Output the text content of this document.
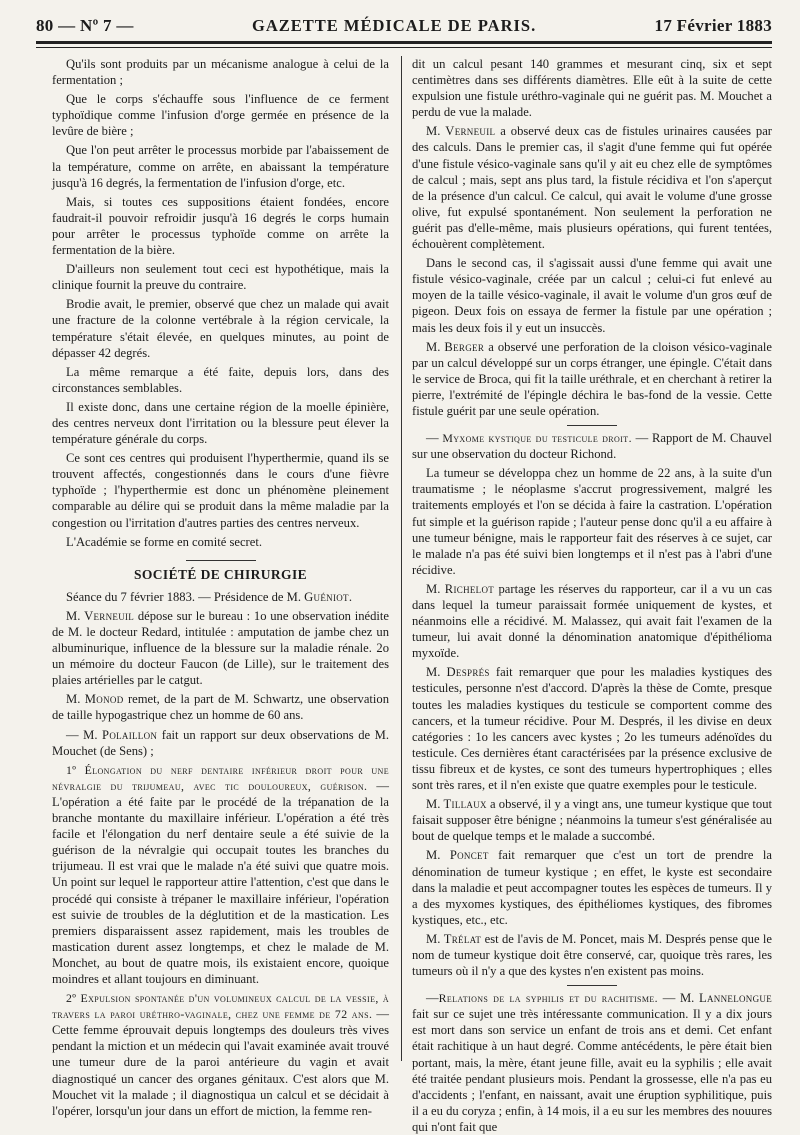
80 — Nº 7 —	GAZETTE MÉDICALE DE PARIS.	17 Février 1883

Qu'ils sont produits par un mécanisme analogue à celui de la fermentation ;

Que le corps s'échauffe sous l'influence de ce ferment typhoïdique comme l'infusion d'orge germée en présence de la levûre de bière ;

Que l'on peut arrêter le processus morbide par l'abaissement de la température, comme on arrête, en abaissant la température jusqu'à 16 degrés, la fermentation de l'infusion d'orge, etc.

Mais, si toutes ces suppositions étaient fondées, encore faudrait-il pouvoir refroidir jusqu'à 16 degrés le corps humain pour arrêter le processus typhoïde comme on arrête la fermentation de la bière.

D'ailleurs non seulement tout ceci est hypothétique, mais la clinique fournit la preuve du contraire.

Brodie avait, le premier, observé que chez un malade qui avait une fracture de la colonne vertébrale à la région cervicale, la température s'était élevée, en quelques minutes, au point de dépasser 42 degrés.

La même remarque a été faite, depuis lors, dans des circonstances semblables.

Il existe donc, dans une certaine région de la moelle épinière, des centres nerveux dont l'irritation ou la blessure peut élever la température générale du corps.

Ce sont ces centres qui produisent l'hyperthermie, quand ils se trouvent affectés, congestionnés dans le cours d'une fièvre typhoïde ; l'hyperthermie est donc un phénomène pleinement comparable au délire qui se produit dans la même maladie par la congestion ou l'irritation d'autres parties des centres nerveux.

L'Académie se forme en comité secret.

SOCIÉTÉ DE CHIRURGIE

Séance du 7 février 1883. — Présidence de M. Guéniot.

M. Verneuil dépose sur le bureau : 1o une observation inédite de M. le docteur Redard, intitulée : amputation de jambe chez un albuminurique, influence de la blessure sur la maladie rénale. 2o un mémoire du docteur Faucon (de Lille), sur le traitement des plaies artérielles par le catgut.

M. Monod remet, de la part de M. Schwartz, une observation de taille hypogastrique chez un homme de 60 ans.

— M. Polaillon fait un rapport sur deux observations de M. Mouchet (de Sens) ;

1º Élongation du nerf dentaire inférieur droit pour une névralgie du trijumeau, avec tic douloureux, guérison. — L'opération a été faite par le procédé de la trépanation de la branche montante du maxillaire inférieur. L'opération a été très facile et l'élongation du nerf dentaire seule a été suivie de la guérison de la névralgie qui occupait toutes les branches du trijumeau. Il est vrai que le malade n'a été suivi que quatre mois. Un point sur lequel le rapporteur attire l'attention, c'est que dans le procédé qui consiste à trépaner le maxillaire inférieur, l'opération est suivie de troubles de la déglutition et de la mastication. Les premiers disparaissent assez rapidement, mais les troubles de mastication durent assez longtemps, et chez le malade de M. Monchet, au bout de quatre mois, ils existaient encore, quoique moindres et allant toujours en diminuant.

2º Expulsion spontanée d'un volumineux calcul de la vessie, à travers la paroi uréthro-vaginale, chez une femme de 72 ans. — Cette femme éprouvait depuis longtemps des douleurs très vives pendant la miction et un médecin qui l'avait examinée avait trouvé une tumeur dure de la paroi antérieure du vagin et avait diagnostiqué un cancer des organes génitaux. C'est alors que M. Mouchet vit la malade ; il diagnostiqua un calcul et se décidait à l'opérer, lorsqu'un jour dans un effort de miction, la femme ren-

dit un calcul pesant 140 grammes et mesurant cinq, six et sept centimètres dans ses différents diamètres. Elle eût à la suite de cette expulsion une fistule uréthro-vaginale qui ne guérit pas. M. Mouchet a perdu de vue la malade.

M. Verneuil a observé deux cas de fistules urinaires causées par des calculs. Dans le premier cas, il s'agit d'une femme qui fut opérée d'une fistule vésico-vaginale sans qu'il y ait eu chez elle de symptômes de calcul ; mais, sept ans plus tard, la fistule récidiva et l'on s'aperçut de la présence d'un calcul. Ce calcul, qui avait le volume d'une grosse olive, fut expulsé spontanément. Non seulement la perforation ne guérit pas d'elle-même, mais plusieurs opérations, qui furent tentées, échouèrent complètement.

Dans le second cas, il s'agissait aussi d'une femme qui avait une fistule vésico-vaginale, créée par un calcul ; celui-ci fut enlevé au moyen de la taille vésico-vaginale, il avait le volume d'un gros œuf de pigeon. Deux fois on essaya de fermer la fistule par une opération ; mais les deux fois il y eut un insuccès.

M. Berger a observé une perforation de la cloison vésico-vaginale par un calcul développé sur un corps étranger, une épingle. C'était dans le service de Broca, qui fit la taille uréthrale, et en cherchant à retirer la pierre, l'extrémité de l'épingle déchira le bas-fond de la vessie. Cette fistule guérit par une seule opération.

— Myxome kystique du testicule droit. — Rapport de M. Chauvel sur une observation du docteur Richond.

La tumeur se développa chez un homme de 22 ans, à la suite d'un traumatisme ; le néoplasme s'accrut progressivement, malgré les traitements employés et l'on se décida à faire la castration. L'opération fut simple et la guérison rapide ; l'auteur pense donc qu'il a eu affaire à une tumeur bénigne, mais le rapporteur fait des réserves à ce sujet, car le malade n'a pas été suivi bien longtemps et il n'est pas à l'abri d'une récidive.

M. Richelot partage les réserves du rapporteur, car il a vu un cas dans lequel la tumeur paraissait formée uniquement de kystes, et néanmoins elle a récidivé. M. Malassez, qui avait fait l'examen de la tumeur, lui avait donné la dénomination anatomique d'épithélioma myxoïde.

M. Després fait remarquer que pour les maladies kystiques des testicules, personne n'est d'accord. D'après la thèse de Comte, presque toutes les maladies kystiques du testicule se comportent comme des cancers, et la tumeur récidive. Pour M. Després, il les divise en deux catégories : 1o les cancers avec kystes ; 2o les tumeurs adénoïdes du testicule. Ces dernières étant caractérisées par la présence exclusive de tissu fibreux et de kystes, ce sont des tumeurs hypertrophiques ; elles sont très rares, et il n'en existe que quatre exemples pour le testicule.

M. Tillaux a observé, il y a vingt ans, une tumeur kystique que tout faisait supposer être bénigne ; néanmoins la tumeur s'est généralisée au bout de quelque temps et le malade a succombé.

M. Poncet fait remarquer que c'est un tort de prendre la dénomination de tumeur kystique ; en effet, le kyste est secondaire dans la maladie et peut accompagner toutes les espèces de tumeurs. Il y a des myxomes kystiques, des épithéliomes kystiques, des fibromes kystiques, etc., etc.

M. Trélat est de l'avis de M. Poncet, mais M. Després pense que le nom de tumeur kystique doit être conservé, car, quoique très rares, les tumeurs où il n'y a que des kystes n'en existent pas moins.

—Relations de la syphilis et du rachitisme. — M. Lannelongue fait sur ce sujet une très intéressante communication. Il y a dix jours est mort dans son service un enfant de trois ans et demi. Cet enfant était rachitique à un haut degré. Comme antécédents, le père était bien portant, mais, la mère, étant jeune fille, avait eu la syphilis ; elle avait été traitée pendant plusieurs mois. Pendant la grossesse, elle n'a pas eu d'accidents ; l'enfant, en naissant, avait une éruption syphilitique, puis il a eu du coryza ; enfin, à 14 mois, il a eu sur les membres des nouures qui n'ont fait que
